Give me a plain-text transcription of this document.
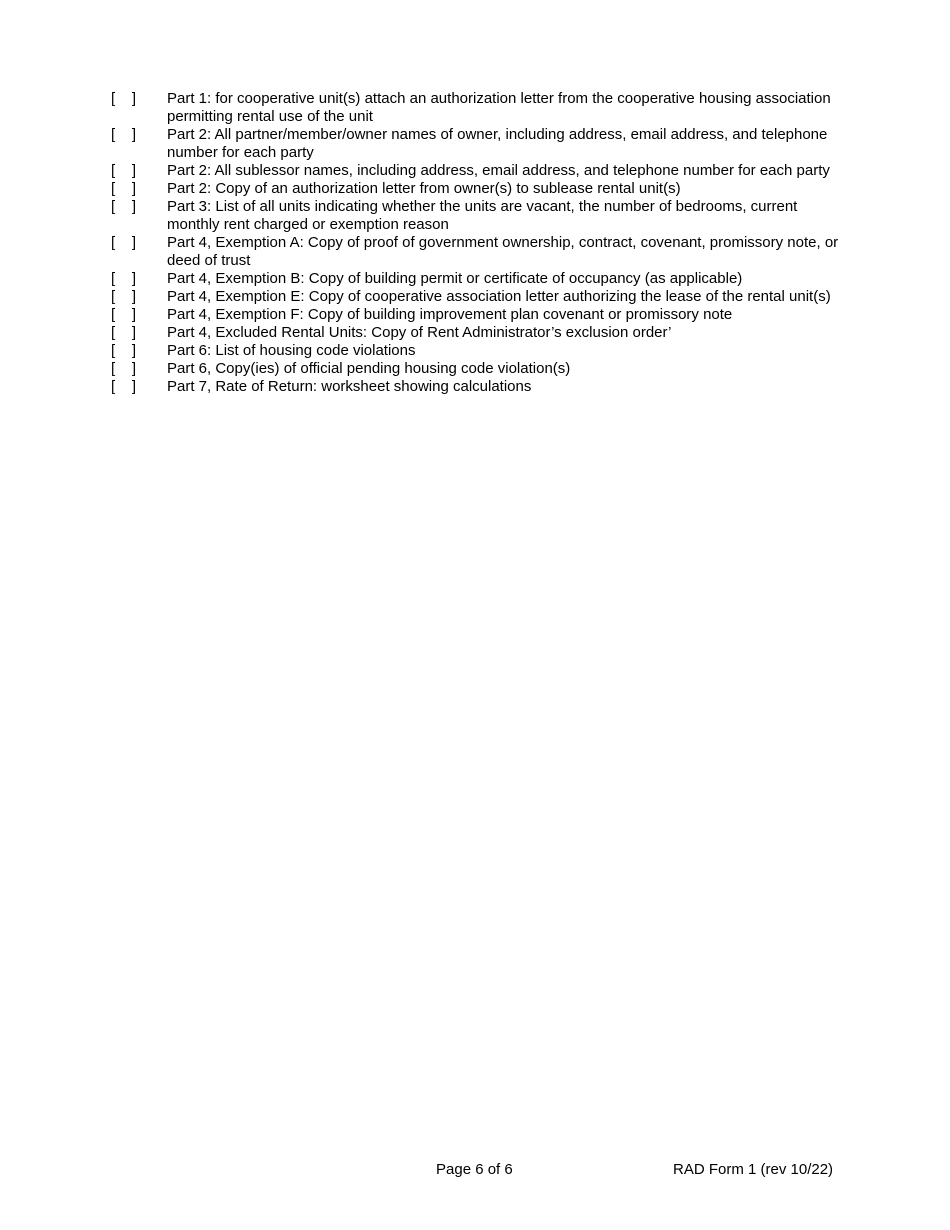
[    ]	Part 1: for cooperative unit(s) attach an authorization letter from the cooperative housing association permitting rental use of the unit
[    ]	Part 2: All partner/member/owner names of owner, including address, email address, and telephone number for each party
[    ]	Part 2: All sublessor names, including address, email address, and telephone number for each party
[    ]	Part 2: Copy of an authorization letter from owner(s) to sublease rental unit(s)
[    ]	Part 3: List of all units indicating whether the units are vacant, the number of bedrooms, current monthly rent charged or exemption reason
[    ]	Part 4, Exemption A: Copy of proof of government ownership, contract, covenant, promissory note, or deed of trust
[    ]	Part 4, Exemption B: Copy of building permit or certificate of occupancy (as applicable)
[    ]	Part 4, Exemption E: Copy of cooperative association letter authorizing the lease of the rental unit(s)
[    ]	Part 4, Exemption F: Copy of building improvement plan covenant or promissory note
[    ]	Part 4, Excluded Rental Units: Copy of Rent Administrator’s exclusion order’
[    ]	Part 6: List of housing code violations
[    ]	Part 6, Copy(ies) of official pending housing code violation(s)
[    ]	Part 7, Rate of Return: worksheet showing calculations
Page 6 of 6	RAD Form 1 (rev 10/22)
